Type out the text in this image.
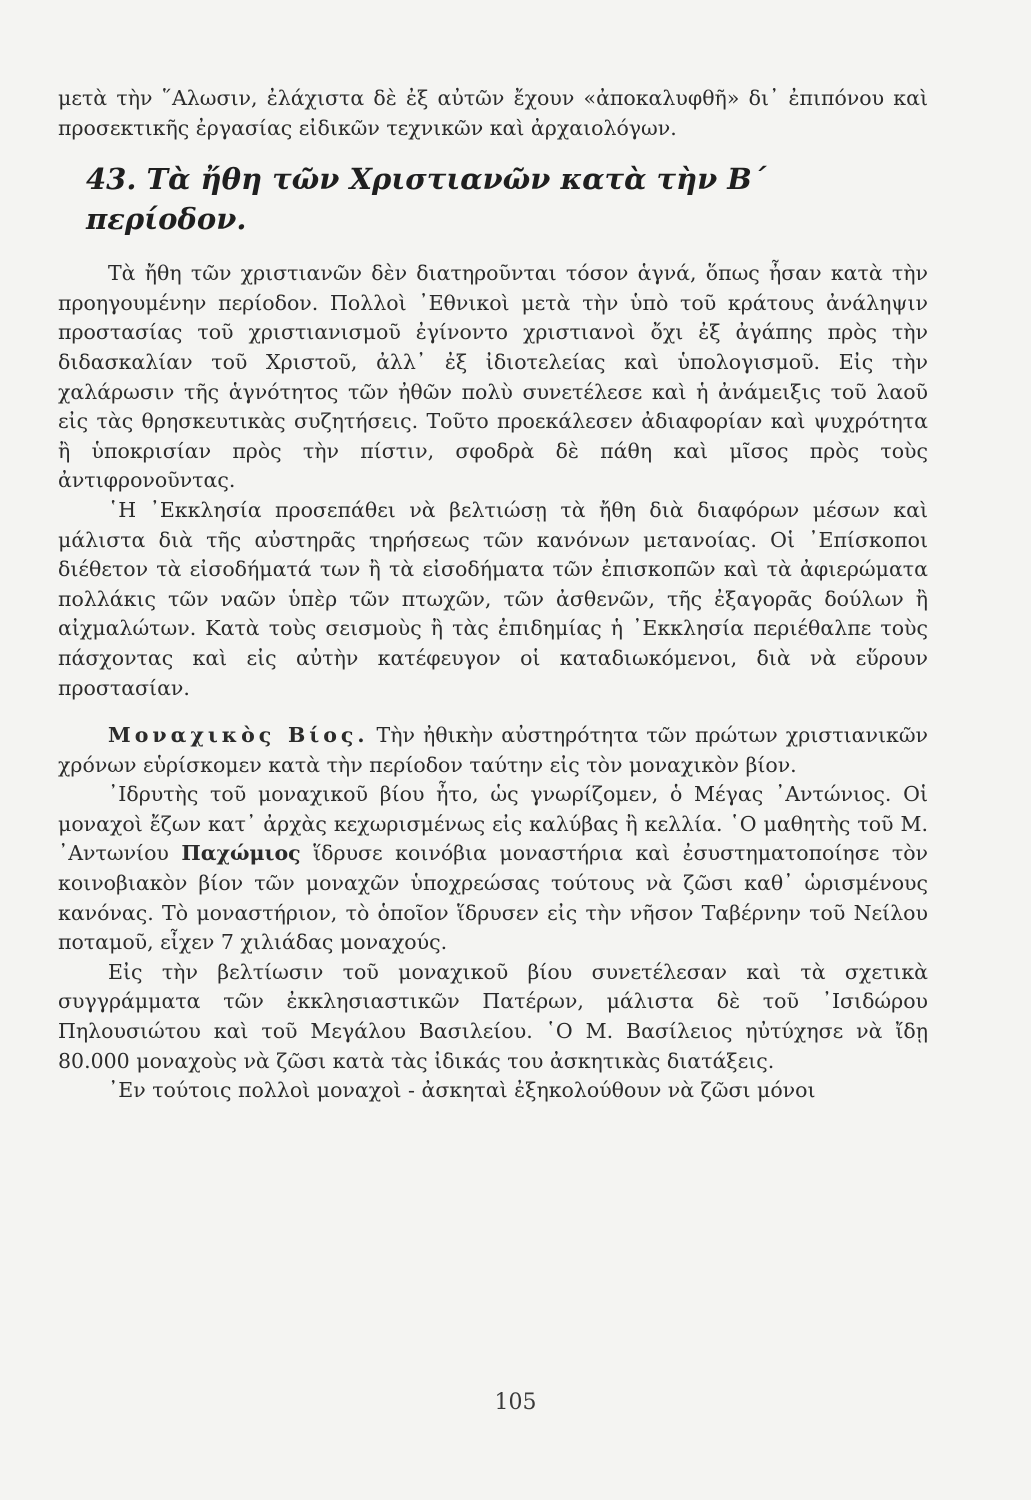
μετὰ τὴν ῞Αλωσιν, ἐλάχιστα δὲ ἐξ αὐτῶν ἔχουν «ἀποκαλυφθῆ» δι᾽ ἐπιπόνου καὶ προσεκτικῆς ἐργασίας εἰδικῶν τεχνικῶν καὶ ἀρχαιολόγων.

43. Τὰ ἤθη τῶν Χριστιανῶν κατὰ τὴν Β΄ περίοδον.

Τὰ ἤθη τῶν χριστιανῶν δὲν διατηροῦνται τόσον ἁγνά, ὅπως ἦσαν κατὰ τὴν προηγουμένην περίοδον. Πολλοὶ ᾽Εθνικοὶ μετὰ τὴν ὑπὸ τοῦ κράτους ἀνάληψιν προστασίας τοῦ χριστιανισμοῦ ἐγίνοντο χριστιανοὶ ὄχι ἐξ ἀγάπης πρὸς τὴν διδασκαλίαν τοῦ Χριστοῦ, ἀλλ᾽ ἐξ ἰδιοτελείας καὶ ὑπολογισμοῦ. Εἰς τὴν χαλάρωσιν τῆς ἁγνότητος τῶν ἠθῶν πολὺ συνετέλεσε καὶ ἡ ἀνάμειξις τοῦ λαοῦ εἰς τὰς θρησκευτικὰς συζητήσεις. Τοῦτο προεκάλεσεν ἀδιαφορίαν καὶ ψυχρότητα ἢ ὑποκρισίαν πρὸς τὴν πίστιν, σφοδρὰ δὲ πάθη καὶ μῖσος πρὸς τοὺς ἀντιφρονοῦντας.

῾Η ᾽Εκκλησία προσεπάθει νὰ βελτιώσῃ τὰ ἤθη διὰ διαφόρων μέσων καὶ μάλιστα διὰ τῆς αὐστηρᾶς τηρήσεως τῶν κανόνων μετανοίας. Οἱ ᾽Επίσκοποι διέθετον τὰ εἰσοδήματά των ἢ τὰ εἰσοδήματα τῶν ἐπισκοπῶν καὶ τὰ ἀφιερώματα πολλάκις τῶν ναῶν ὑπὲρ τῶν πτωχῶν, τῶν ἀσθενῶν, τῆς ἐξαγορᾶς δούλων ἢ αἰχμαλώτων. Κατὰ τοὺς σεισμοὺς ἢ τὰς ἐπιδημίας ἡ ᾽Εκκλησία περιέθαλπε τοὺς πάσχοντας καὶ εἰς αὐτὴν κατέφευγον οἱ καταδιωκόμενοι, διὰ νὰ εὕρουν προστασίαν.

Μοναχικὸς Βίος. Τὴν ἠθικὴν αὐστηρότητα τῶν πρώτων χριστιανικῶν χρόνων εὑρίσκομεν κατὰ τὴν περίοδον ταύτην εἰς τὸν μοναχικὸν βίον.

᾽Ιδρυτὴς τοῦ μοναχικοῦ βίου ἦτο, ὡς γνωρίζομεν, ὁ Μέγας ᾽Αντώνιος. Οἱ μοναχοὶ ἔζων κατ᾽ ἀρχὰς κεχωρισμένως εἰς καλύβας ἢ κελλία. ῾Ο μαθητὴς τοῦ Μ. ᾽Αντωνίου Παχώμιος ἵδρυσε κοινόβια μοναστήρια καὶ ἐσυστηματοποίησε τὸν κοινοβιακὸν βίον τῶν μοναχῶν ὑποχρεώσας τούτους νὰ ζῶσι καθ᾽ ὡρισμένους κανόνας. Τὸ μοναστήριον, τὸ ὁποῖον ἵδρυσεν εἰς τὴν νῆσον Ταβέρνην τοῦ Νείλου ποταμοῦ, εἶχεν 7 χιλιάδας μοναχούς.

Εἰς τὴν βελτίωσιν τοῦ μοναχικοῦ βίου συνετέλεσαν καὶ τὰ σχετικὰ συγγράμματα τῶν ἐκκλησιαστικῶν Πατέρων, μάλιστα δὲ τοῦ ᾽Ισιδώρου Πηλουσιώτου καὶ τοῦ Μεγάλου Βασιλείου. ῾Ο Μ. Βασίλειος ηὐτύχησε νὰ ἴδῃ 80.000 μοναχοὺς νὰ ζῶσι κατὰ τὰς ἰδικάς του ἀσκητικὰς διατάξεις.

᾽Εν τούτοις πολλοὶ μοναχοὶ - ἀσκηταὶ ἐξηκολούθουν νὰ ζῶσι μόνοι

105
